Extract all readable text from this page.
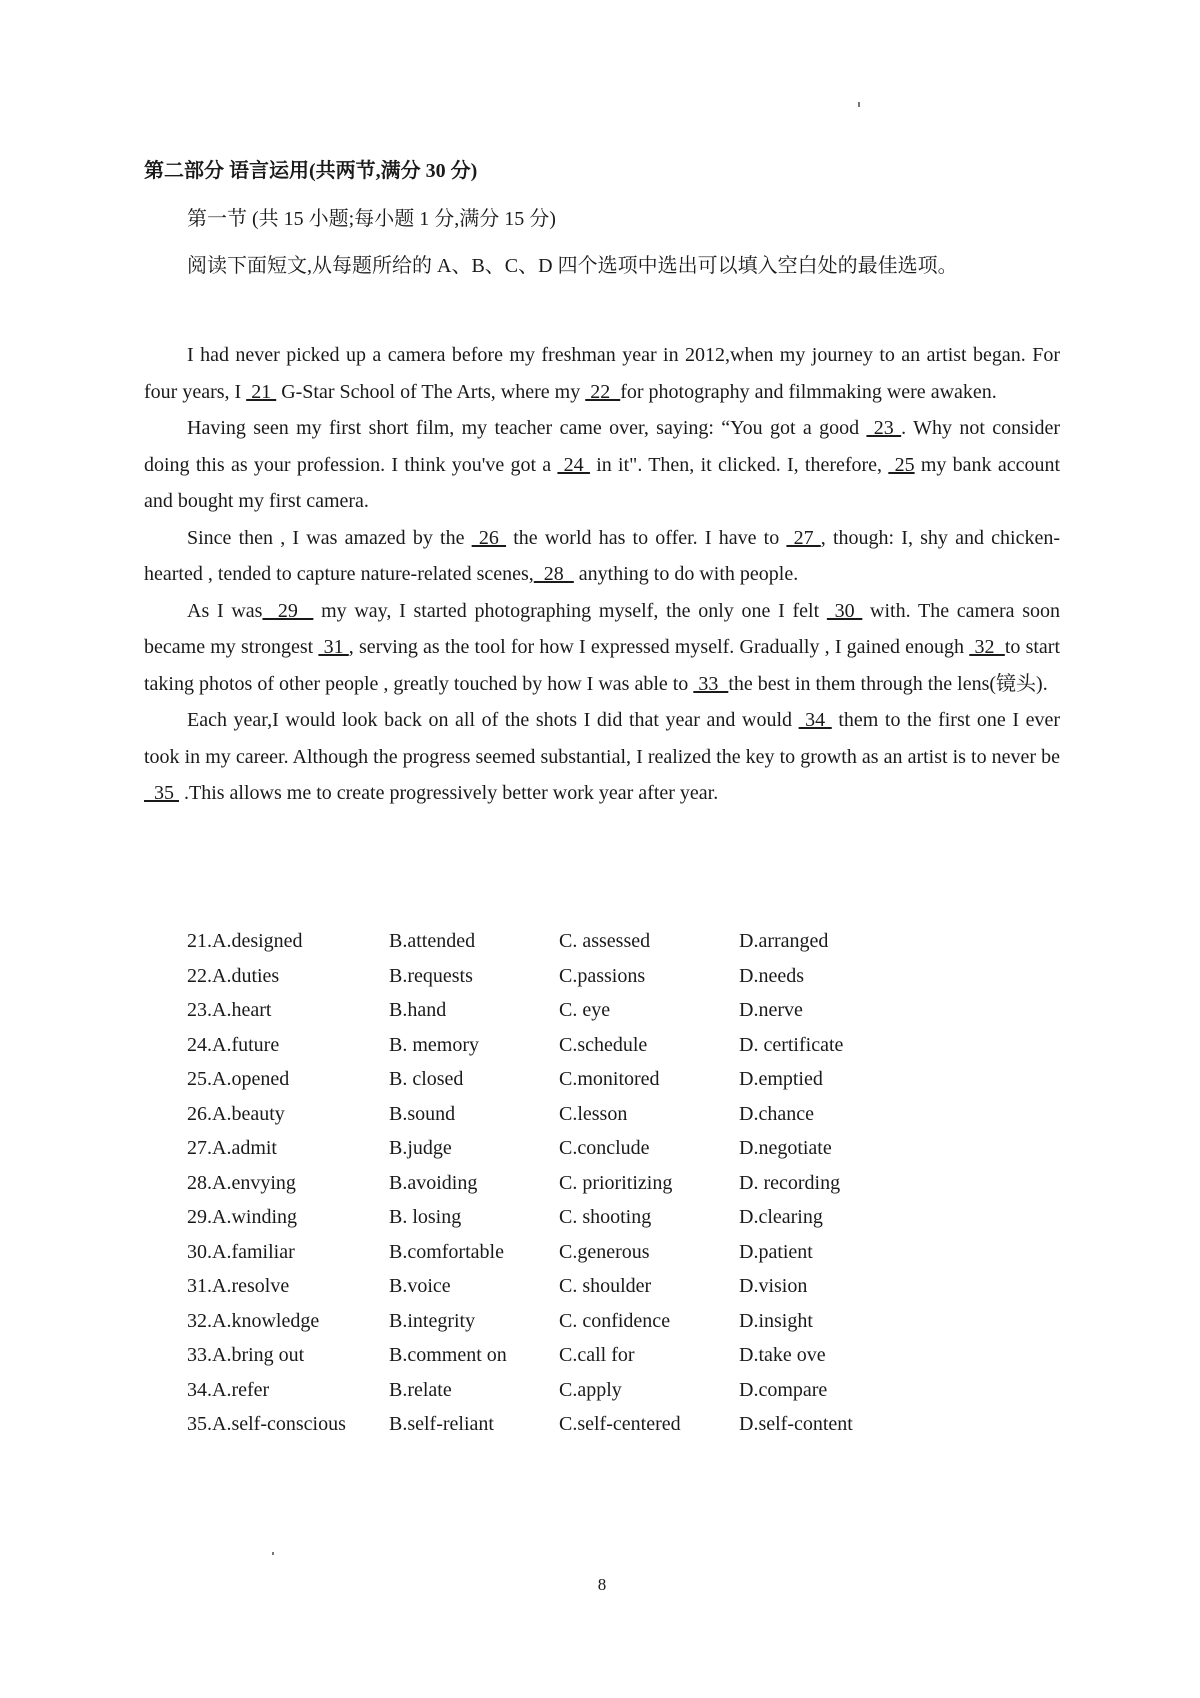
第二部分 语言运用(共两节,满分 30 分)
第一节 (共 15 小题;每小题 1 分,满分 15 分)
阅读下面短文,从每题所给的 A、B、C、D 四个选项中选出可以填入空白处的最佳选项。

I had never picked up a camera before my freshman year in 2012,when my journey to an artist began. For four years, I  21  G-Star School of The Arts, where my  22  for photography and filmmaking were awaken.

Having seen my first short film, my teacher came over, saying: “You got a good  23 . Why not consider doing this as your profession. I think you've got a  24  in it". Then, it clicked. I, therefore,  25 my bank account and bought my first camera.

Since then , I was amazed by the  26  the world has to offer. I have to  27 , though: I, shy and chicken-hearted , tended to capture nature-related scenes,  28   anything to do with people.

As I was  29   my way, I started photographing myself, the only one I felt  30  with. The camera soon became my strongest  31 , serving as the tool for how I expressed myself. Gradually , I gained enough  32  to start taking photos of other people , greatly touched by how I was able to  33  the best in them through the lens(镜头).

Each year,I would look back on all of the shots I did that year and would  34  them to the first one I ever took in my career. Although the progress seemed substantial, I realized the key to growth as an artist is to never be   35  .This allows me to create progressively better work year after year.

21.A.designed	B.attended	C. assessed	D.arranged
22.A.duties	B.requests	C.passions	D.needs
23.A.heart	B.hand	C. eye	D.nerve
24.A.future	B. memory	C.schedule	D. certificate
25.A.opened	B. closed	C.monitored	D.emptied
26.A.beauty	B.sound	C.lesson	D.chance
27.A.admit	B.judge	C.conclude	D.negotiate
28.A.envying	B.avoiding	C. prioritizing	D. recording
29.A.winding	B. losing	C. shooting	D.clearing
30.A.familiar	B.comfortable	C.generous	D.patient
31.A.resolve	B.voice	C. shoulder	D.vision
32.A.knowledge	B.integrity	C. confidence	D.insight
33.A.bring out	B.comment on	C.call for	D.take ove
34.A.refer	B.relate	C.apply	D.compare
35.A.self-conscious B.self-reliant	C.self-centered	D.self-content
8
